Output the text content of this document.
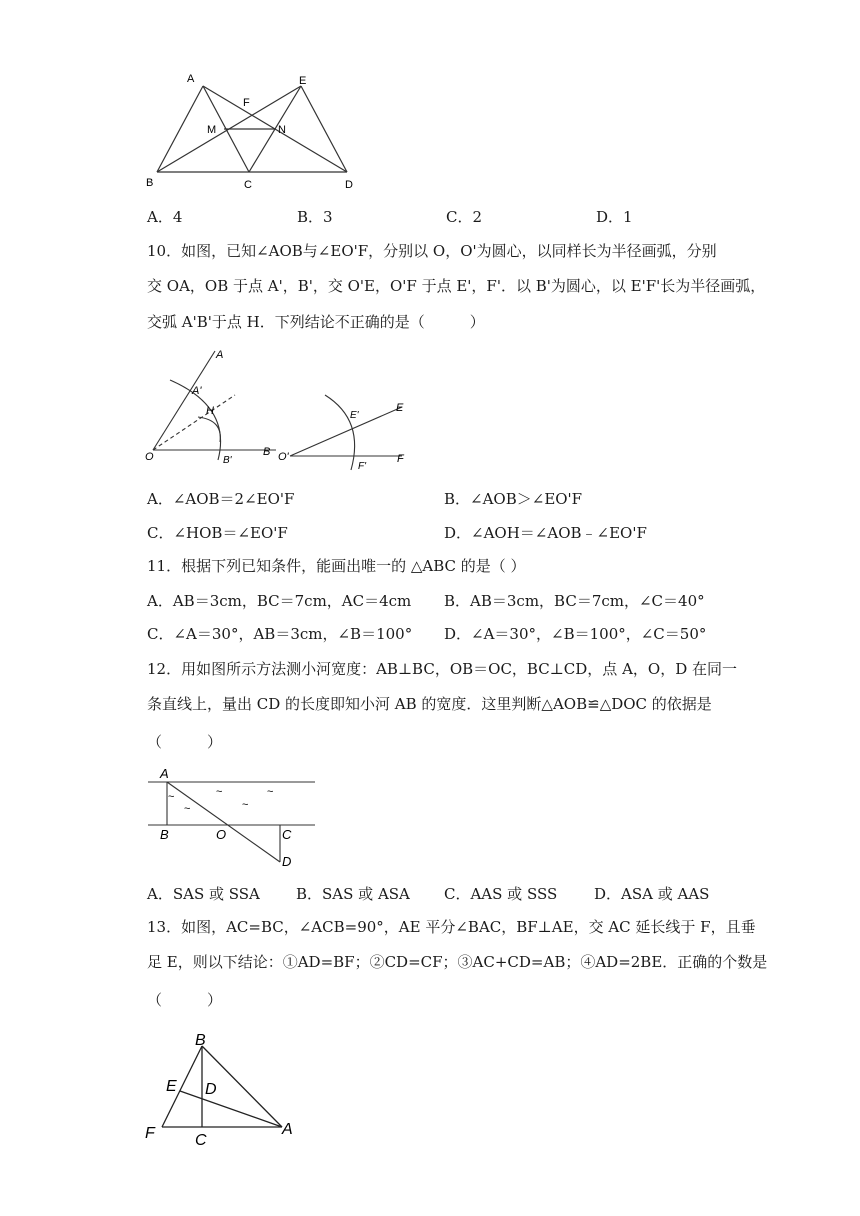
A	E
F
M	N
B	C	D
A．4	B．3	C．2	D．1
10．如图，已知∠AOB与∠EO'F，分别以 O，O'为圆心，以同样长为半径画弧，分别
交 OA，OB 于点 A'，B'，交 O'E，O'F 于点 E'，F'．以 B'为圆心，以 E'F'长为半径画弧，
交弧 A'B'于点 H．下列结论不正确的是（　　　）
A
A'
H
O	B'
B O'
E'
E
F'
F
A．∠AOB＝2∠EO'F	B．∠AOB＞∠EO'F
C．∠HOB＝∠EO'F	D．∠AOH＝∠AOB﹣∠EO'F
11．根据下列已知条件，能画出唯一的 △ABC 的是（ ）
A．AB＝3cm，BC＝7cm，AC＝4cm B．AB＝3cm，BC＝7cm，∠C＝40°
C．∠A＝30°，AB＝3cm，∠B＝100° D．∠A＝30°，∠B＝100°，∠C＝50°
12．用如图所示方法测小河宽度：AB⊥BC，OB＝OC，BC⊥CD，点 A，O，D 在同一
条直线上，量出 CD 的长度即知小河 AB 的宽度．这里判断△AOB≌△DOC 的依据是
（　　　）
A
B	O	C
D
~
~
~
~
~
A．SAS 或 SSA B．SAS 或 ASA C．AAS 或 SSS D．ASA 或 AAS
13．如图，AC=BC，∠ACB=90°，AE 平分∠BAC，BF⊥AE，交 AC 延长线于 F，且垂
足 E，则以下结论：①AD=BF；②CD=CF；③AC+CD=AB；④AD=2BE．正确的个数是
（　　　）
B
E D
F	C
A
